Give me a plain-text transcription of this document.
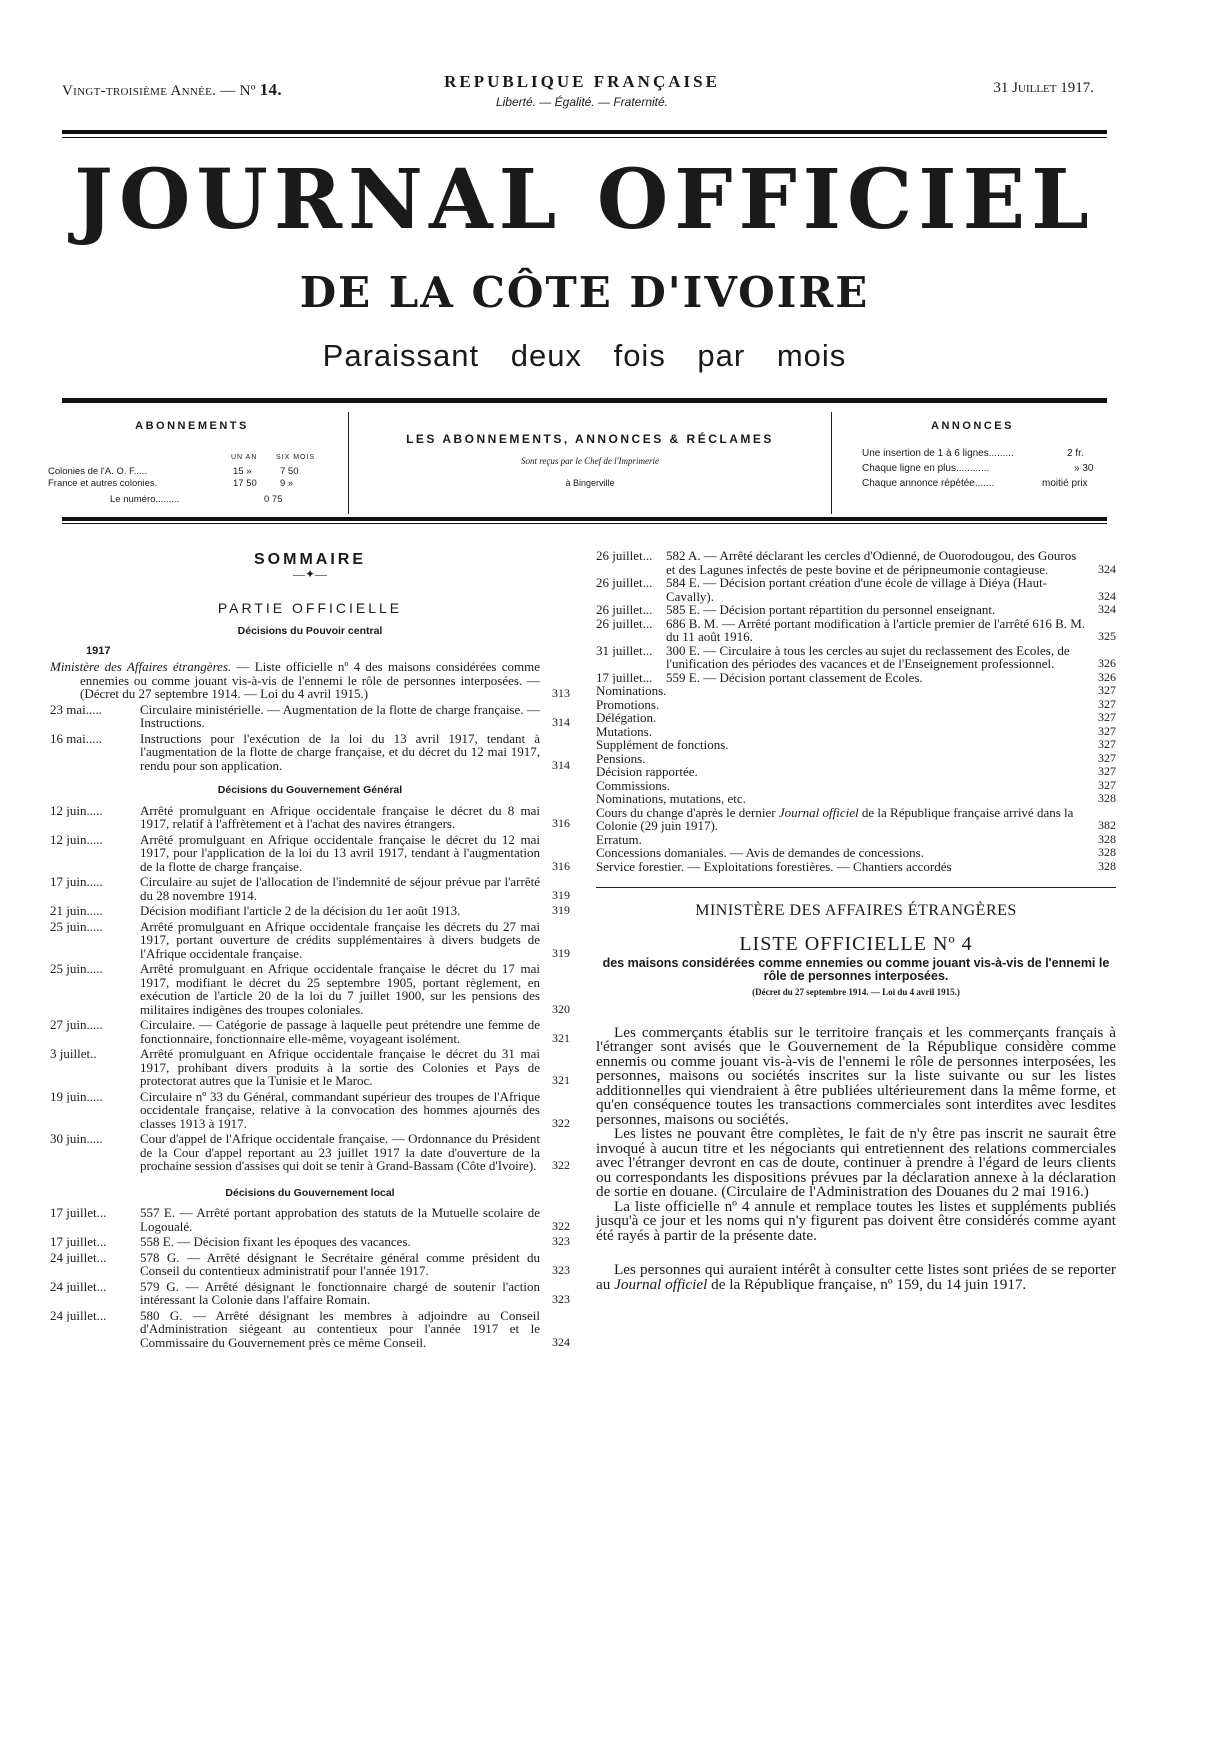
Vingt-troisième Année. — Nº 14.	REPUBLIQUE FRANÇAISE
Liberté. — Égalité. — Fraternité.
31 Juillet 1917.
JOURNAL OFFICIEL
DE LA CÔTE D'IVOIRE
Paraissant deux fois par mois
ABONNEMENTS
UN AN	SIX MOIS
Colonies de l'A. O. F.....	15 »	7 50
France et autres colonies.	17 50 9 »
Le numéro.........	0 75
LES ABONNEMENTS, ANNONCES & RÉCLAMES
Sont reçus par le Chef de l'Imprimerie
à Bingerville
ANNONCES
Une insertion de 1 à 6 lignes.........	2 fr.
Chaque ligne en plus............	» 30
Chaque annonce répétée.......	moitié prix
SOMMAIRE
—✦—
PARTIE OFFICIELLE
Décisions du Pouvoir central
1917
Ministère des Affaires étrangères. — Liste officielle nº 4 des maisons considérées comme ennemies ou comme jouant vis-à-vis de l'ennemi le rôle de personnes interposées. — (Décret du 27 septembre 1914. — Loi du 4 avril 1915.)	313
23 mai.....	Circulaire ministérielle. — Augmentation de la flotte de charge française. — Instructions.	314
16 mai.....	Instructions pour l'exécution de la loi du 13 avril 1917, tendant à l'augmentation de la flotte de charge française, et du décret du 12 mai 1917, rendu pour son application.	314
Décisions du Gouvernement Général
12 juin.....	Arrêté promulguant en Afrique occidentale française le décret du 8 mai 1917, relatif à l'affrètement et à l'achat des navires étrangers.	316
12 juin.....	Arrêté promulguant en Afrique occidentale française le décret du 12 mai 1917, pour l'application de la loi du 13 avril 1917, tendant à l'augmentation de la flotte de charge française.	316
17 juin.....	Circulaire au sujet de l'allocation de l'indemnité de séjour prévue par l'arrêté du 28 novembre 1914.	319
21 juin.....	Décision modifiant l'article 2 de la décision du 1er août 1913.	319
25 juin.....	Arrêté promulguant en Afrique occidentale française les décrets du 27 mai 1917, portant ouverture de crédits supplémentaires à divers budgets de l'Afrique occidentale française.	319
25 juin.....	Arrêté promulguant en Afrique occidentale française le décret du 17 mai 1917, modifiant le décret du 25 septembre 1905, portant règlement, en exécution de l'article 20 de la loi du 7 juillet 1900, sur les pensions des militaires indigènes des troupes coloniales.	320
27 juin.....	Circulaire. — Catégorie de passage à laquelle peut prétendre une femme de fonctionnaire, fonctionnaire elle-même, voyageant isolément.	321
3 juillet..	Arrêté promulguant en Afrique occidentale française le décret du 31 mai 1917, prohibant divers produits à la sortie des Colonies et Pays de protectorat autres que la Tunisie et le Maroc.	321
19 juin.....	Circulaire nº 33 du Général, commandant supérieur des troupes de l'Afrique occidentale française, relative à la convocation des hommes ajournés des classes 1913 à 1917.	322
30 juin.....	Cour d'appel de l'Afrique occidentale française. — Ordonnance du Président de la Cour d'appel reportant au 23 juillet 1917 la date d'ouverture de la prochaine session d'assises qui doit se tenir à Grand-Bassam (Côte d'Ivoire).	322
Décisions du Gouvernement local
17 juillet...	557 E. — Arrêté portant approbation des statuts de la Mutuelle scolaire de Logoualé.	322
17 juillet...	558 E. — Décision fixant les époques des vacances.	323
24 juillet...	578 G. — Arrêté désignant le Secrétaire général comme président du Conseil du contentieux administratif pour l'année 1917.	323
24 juillet...	579 G. — Arrêté désignant le fonctionnaire chargé de soutenir l'action intéressant la Colonie dans l'affaire Romain.	323
24 juillet...	580 G. — Arrêté désignant les membres à adjoindre au Conseil d'Administration siégeant au contentieux pour l'année 1917 et le Commissaire du Gouvernement près ce même Conseil.	324
26 juillet...	582 A. — Arrêté déclarant les cercles d'Odienné, de Ouorodougou, des Gouros et des Lagunes infectés de peste bovine et de péripneumonie contagieuse.	324
26 juillet...	584 E. — Décision portant création d'une école de village à Diéya (Haut-Cavally).	324
26 juillet...	585 E. — Décision portant répartition du personnel enseignant.	324
26 juillet...	686 B. M. — Arrêté portant modification à l'article premier de l'arrêté 616 B. M. du 11 août 1916.	325
31 juillet...	300 E. — Circulaire à tous les cercles au sujet du reclassement des Ecoles, de l'unification des périodes des vacances et de l'Enseignement professionnel.	326
17 juillet...	559 E. — Décision portant classement de Ecoles.	326
Nominations.	327
Promotions.	327
Délégation.	327
Mutations.	327
Supplément de fonctions.	327
Pensions.	327
Décision rapportée.	327
Commissions.	327
Nominations, mutations, etc.	328
Cours du change d'après le dernier Journal officiel de la République française arrivé dans la Colonie (29 juin 1917).	382
Erratum.	328
Concessions domaniales. — Avis de demandes de concessions.	328
Service forestier. — Exploitations forestières. — Chantiers accordés	328
MINISTÈRE DES AFFAIRES ÉTRANGÈRES
LISTE OFFICIELLE Nº 4
des maisons considérées comme ennemies ou comme jouant vis-à-vis de l'ennemi le rôle de personnes interposées.
(Décret du 27 septembre 1914. — Loi du 4 avril 1915.)

Les commerçants établis sur le territoire français et les commerçants français à l'étranger sont avisés que le Gouvernement de la République considère comme ennemis ou comme jouant vis-à-vis de l'ennemi le rôle de personnes interposées, les personnes, maisons ou sociétés inscrites sur la liste suivante ou sur les listes additionnelles qui viendraient à être publiées ultérieurement dans la même forme, et qu'en conséquence toutes les transactions commerciales sont interdites avec lesdites personnes, maisons ou sociétés.

Les listes ne pouvant être complètes, le fait de n'y être pas inscrit ne saurait être invoqué à aucun titre et les négociants qui entretiennent des relations commerciales avec l'étranger devront en cas de doute, continuer à prendre à l'égard de leurs clients ou correspondants les dispositions prévues par la déclaration annexe à la déclaration de sortie en douane. (Circulaire de l'Administration des Douanes du 2 mai 1916.)

La liste officielle nº 4 annule et remplace toutes les listes et suppléments publiés jusqu'à ce jour et les noms qui n'y figurent pas doivent être considérés comme ayant été rayés à partir de la présente date.

Les personnes qui auraient intérêt à consulter cette listes sont priées de se reporter au Journal officiel de la République française, nº 159, du 14 juin 1917.
